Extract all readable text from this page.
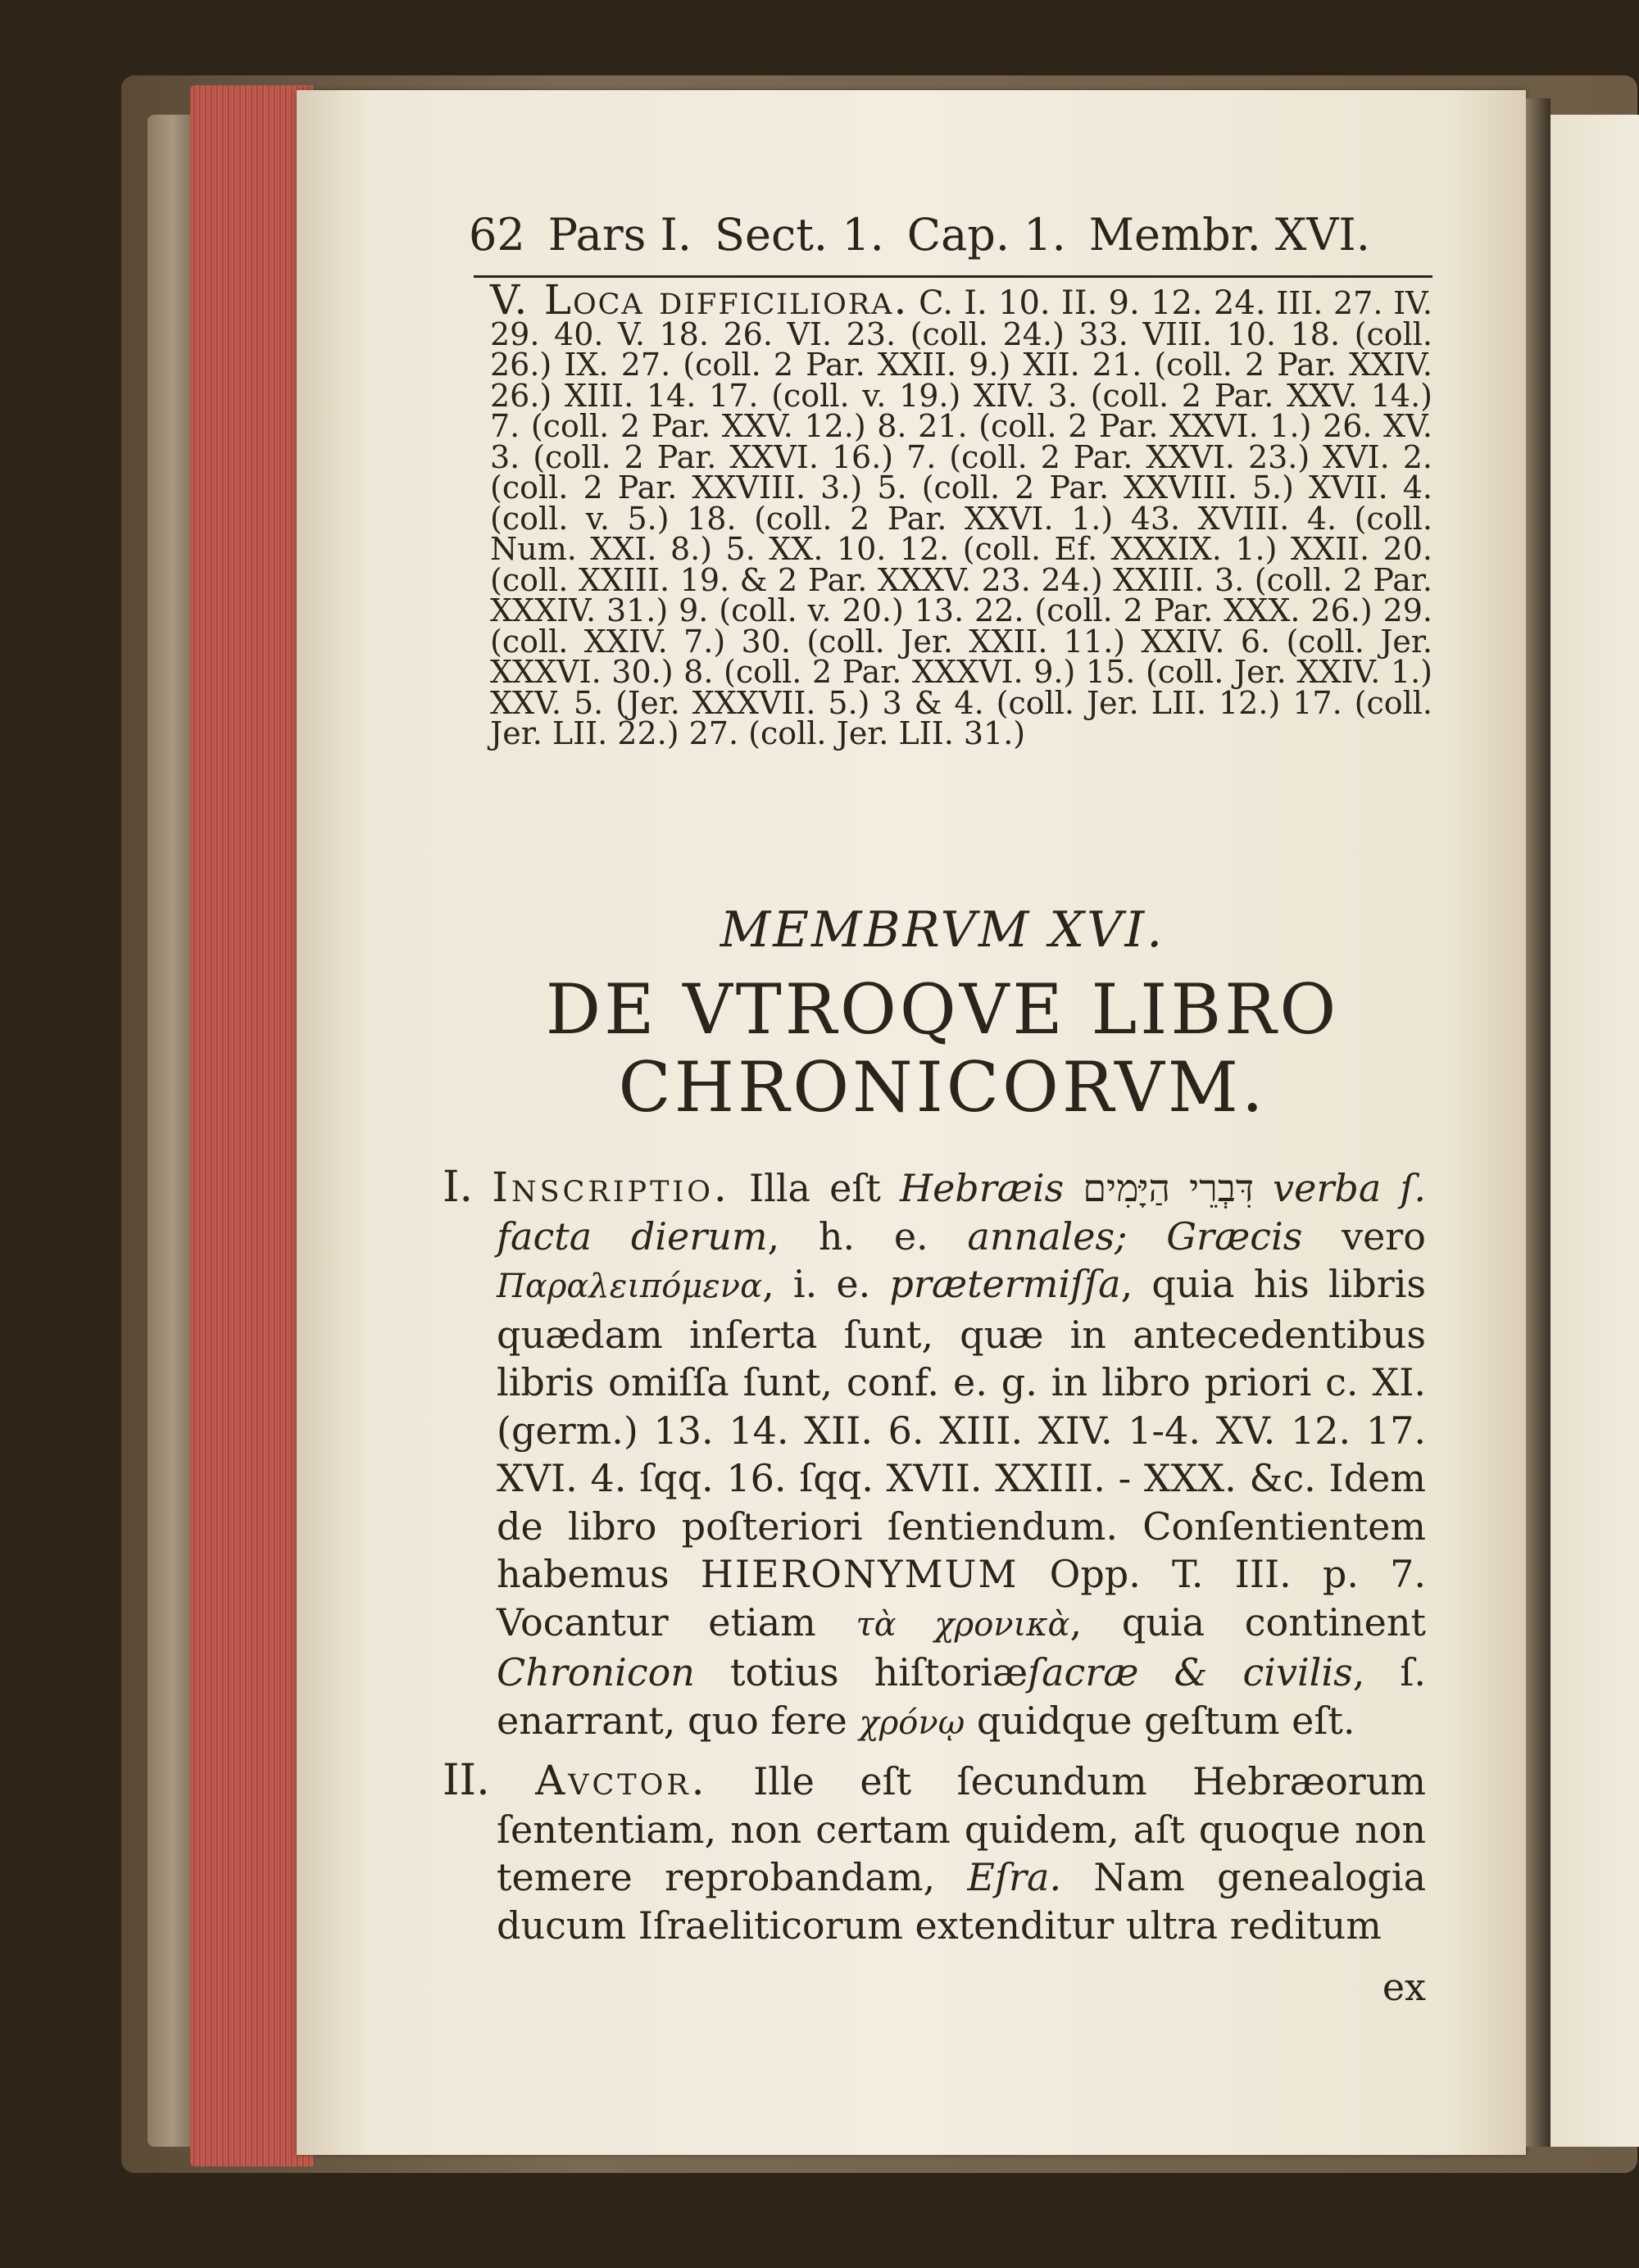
62 Pars I. Sect. 1. Cap. 1. Membr. XVI.
V. Loca difficiliora. C. I. 10. II. 9. 12. 24. III. 27. IV. 29. 40. V. 18. 26. VI. 23. (coll. 24.) 33. VIII. 10. 18. (coll. 26.) IX. 27. (coll. 2 Par. XXII. 9.) XII. 21. (coll. 2 Par. XXIV. 26.) XIII. 14. 17. (coll. v. 19.) XIV. 3. (coll. 2 Par. XXV. 14.) 7. (coll. 2 Par. XXV. 12.) 8. 21. (coll. 2 Par. XXVI. 1.) 26. XV. 3. (coll. 2 Par. XXVI. 16.) 7. (coll. 2 Par. XXVI. 23.) XVI. 2. (coll. 2 Par. XXVIII. 3.) 5. (coll. 2 Par. XXVIII. 5.) XVII. 4. (coll. v. 5.) 18. (coll. 2 Par. XXVI. 1.) 43. XVIII. 4. (coll. Num. XXI. 8.) 5. XX. 10. 12. (coll. Ef. XXXIX. 1.) XXII. 20. (coll. XXIII. 19. & 2 Par. XXXV. 23. 24.) XXIII. 3. (coll. 2 Par. XXXIV. 31.) 9. (coll. v. 20.) 13. 22. (coll. 2 Par. XXX. 26.) 29. (coll. XXIV. 7.) 30. (coll. Jer. XXII. 11.) XXIV. 6. (coll. Jer. XXXVI. 30.) 8. (coll. 2 Par. XXXVI. 9.) 15. (coll. Jer. XXIV. 1.) XXV. 5. (Jer. XXXVII. 5.) 3 & 4. (coll. Jer. LII. 12.) 17. (coll. Jer. LII. 22.) 27. (coll. Jer. LII. 31.)
MEMBRVM XVI.
DE VTROQVE LIBRO
CHRONICORVM.

I. Inscriptio. Illa eſt Hebræis דִּבְרֵי הַיָּמִים verba ſ. facta dierum, h. e. annales; Græcis vero Παραλειπόμενα, i. e. prætermiſſa, quia his libris quædam inſerta ſunt, quæ in antecedentibus libris omiſſa ſunt, conf. e. g. in libro priori c. XI. (germ.) 13. 14. XII. 6. XIII. XIV. 1-4. XV. 12. 17. XVI. 4. ſqq. 16. ſqq. XVII. XXIII. - XXX. &c. Idem de libro poſteriori ſentiendum. Conſentientem habemus HIERONYMUM Opp. T. III. p. 7. Vocantur etiam τὰ χρονικὰ, quia continent Chronicon totius hiſtoriæſacræ & civilis, ſ. enarrant, quo fere χρόνῳ quidque geſtum eſt.

II. Avctor. Ille eſt ſecundum Hebræorum ſententiam, non certam quidem, aſt quoque non temere reprobandam, Eſra. Nam genealogia ducum Iſraeliticorum extenditur ultra reditum

ex
